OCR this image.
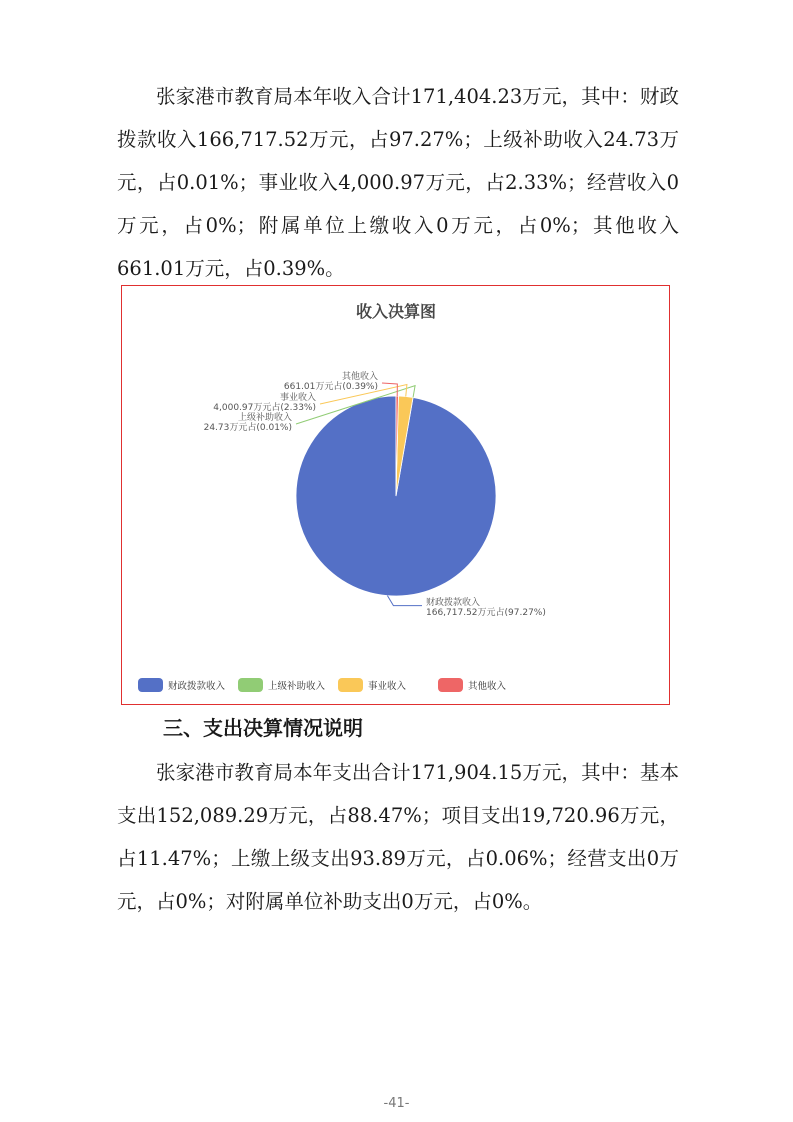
张家港市教育局本年收入合计171,404.23万元，其中：财政拨款收入166,717.52万元，占97.27%；上级补助收入24.73万元，占0.01%；事业收入4,000.97万元，占2.33%；经营收入0万元，占0%；附属单位上缴收入0万元，占0%；其他收入661.01万元，占0.39%。

收入决算图
财政拨款收入
166,717.52万元占(97.27%)
上级补助收入
24.73万元占(0.01%)
事业收入
4,000.97万元占(2.33%)
其他收入
661.01万元占(0.39%)
财政拨款收入	上级补助收入	事业收入	其他收入
三、支出决算情况说明

张家港市教育局本年支出合计171,904.15万元，其中：基本支出152,089.29万元，占88.47%；项目支出19,720.96万元，占11.47%；上缴上级支出93.89万元，占0.06%；经营支出0万元，占0%；对附属单位补助支出0万元，占0%。

-41-
